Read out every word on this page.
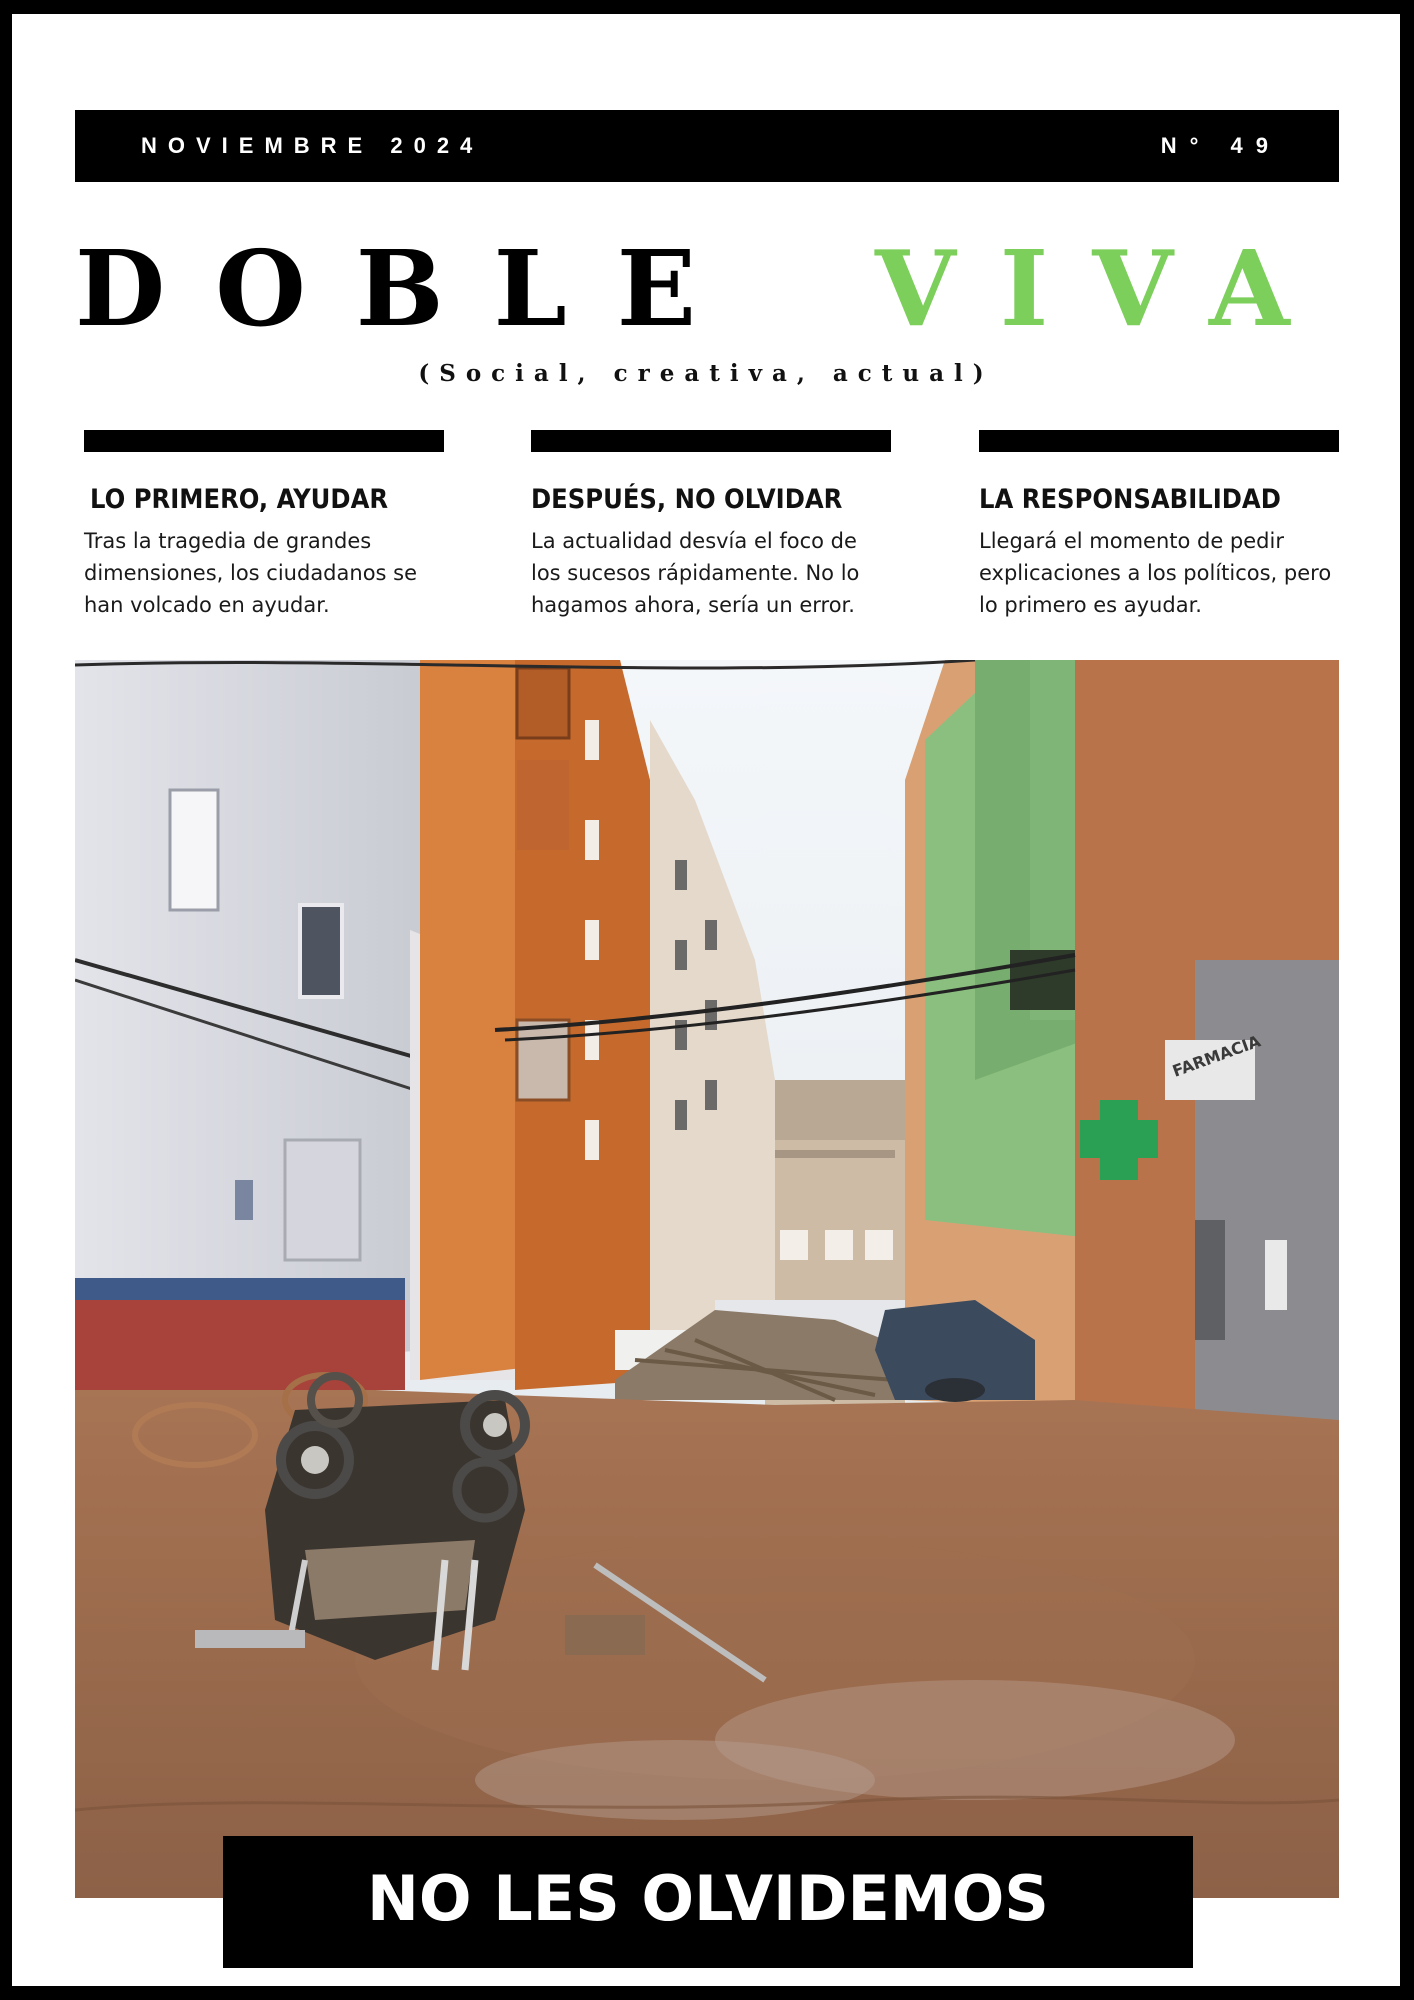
NOVIEMBRE 2024	N° 49
DOBLE VIVA
(Social, creativa, actual)
LO PRIMERO, AYUDAR

Tras la tragedia de grandes dimensiones, los ciudadanos se han volcado en ayudar.

DESPUÉS, NO OLVIDAR

La actualidad desvía el foco de los sucesos rápidamente. No lo hagamos ahora, sería un error.

LA RESPONSABILIDAD

Llegará el momento de pedir explicaciones a los políticos, pero lo primero es ayudar.

FARMACIA
NO LES OLVIDEMOS
